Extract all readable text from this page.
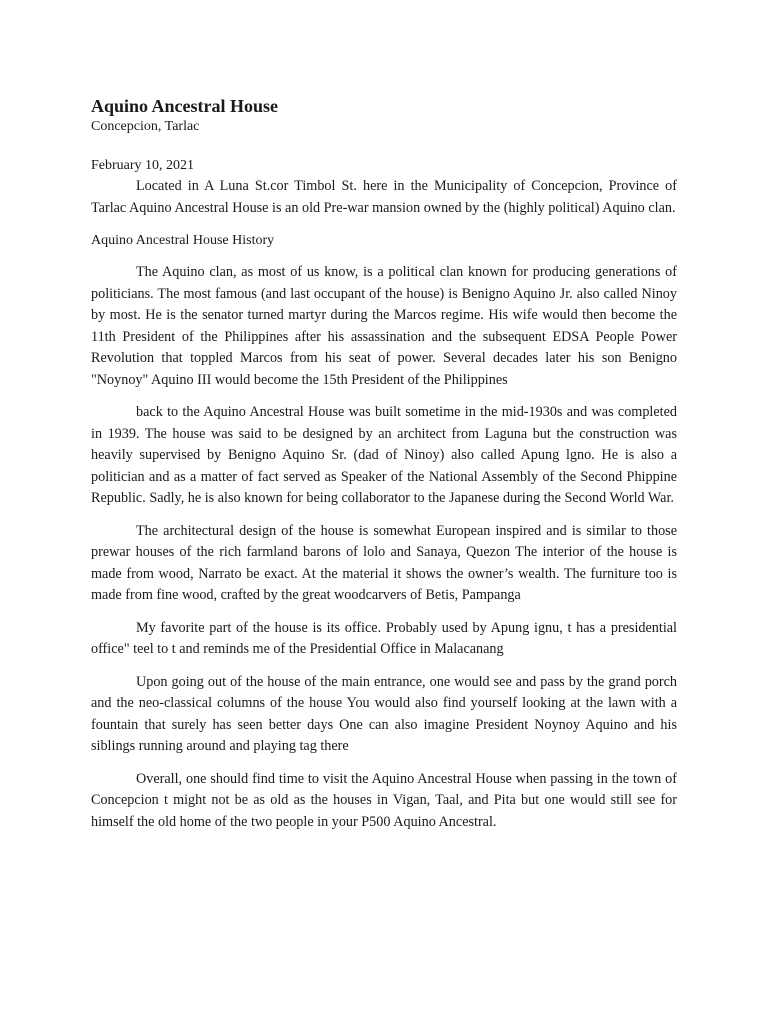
Aquino Ancestral House
Concepcion, Tarlac
February 10, 2021

Located in A Luna St.cor Timbol St. here in the Municipality of Concepcion, Province of Tarlac Aquino Ancestral House is an old Pre-war mansion owned by the (highly political) Aquino clan.

Aquino Ancestral House History

The Aquino clan, as most of us know, is a political clan known for producing generations of politicians. The most famous (and last occupant of the house) is Benigno Aquino Jr. also called Ninoy by most. He is the senator turned martyr during the Marcos regime. His wife would then become the 11th President of the Philippines after his assassination and the subsequent EDSA People Power Revolution that toppled Marcos from his seat of power. Several decades later his son Benigno "Noynoy" Aquino III would become the 15th President of the Philippines

back to the Aquino Ancestral House was built sometime in the mid-1930s and was completed in 1939. The house was said to be designed by an architect from Laguna but the construction was heavily supervised by Benigno Aquino Sr. (dad of Ninoy) also called Apung lgno. He is also a politician and as a matter of fact served as Speaker of the National Assembly of the Second Phippine Republic. Sadly, he is also known for being collaborator to the Japanese during the Second World War.

The architectural design of the house is somewhat European inspired and is similar to those prewar houses of the rich farmland barons of lolo and Sanaya, Quezon The interior of the house is made from wood, Narrato be exact. At the material it shows the owner’s wealth. The furniture too is made from fine wood, crafted by the great woodcarvers of Betis, Pampanga

My favorite part of the house is its office. Probably used by Apung ignu, t has a presidential office" teel to t and reminds me of the Presidential Office in Malacanang

Upon going out of the house of the main entrance, one would see and pass by the grand porch and the neo-classical columns of the house You would also find yourself looking at the lawn with a fountain that surely has seen better days One can also imagine President Noynoy Aquino and his siblings running around and playing tag there

Overall, one should find time to visit the Aquino Ancestral House when passing in the town of Concepcion t might not be as old as the houses in Vigan, Taal, and Pita but one would still see for himself the old home of the two people in your P500 Aquino Ancestral.
